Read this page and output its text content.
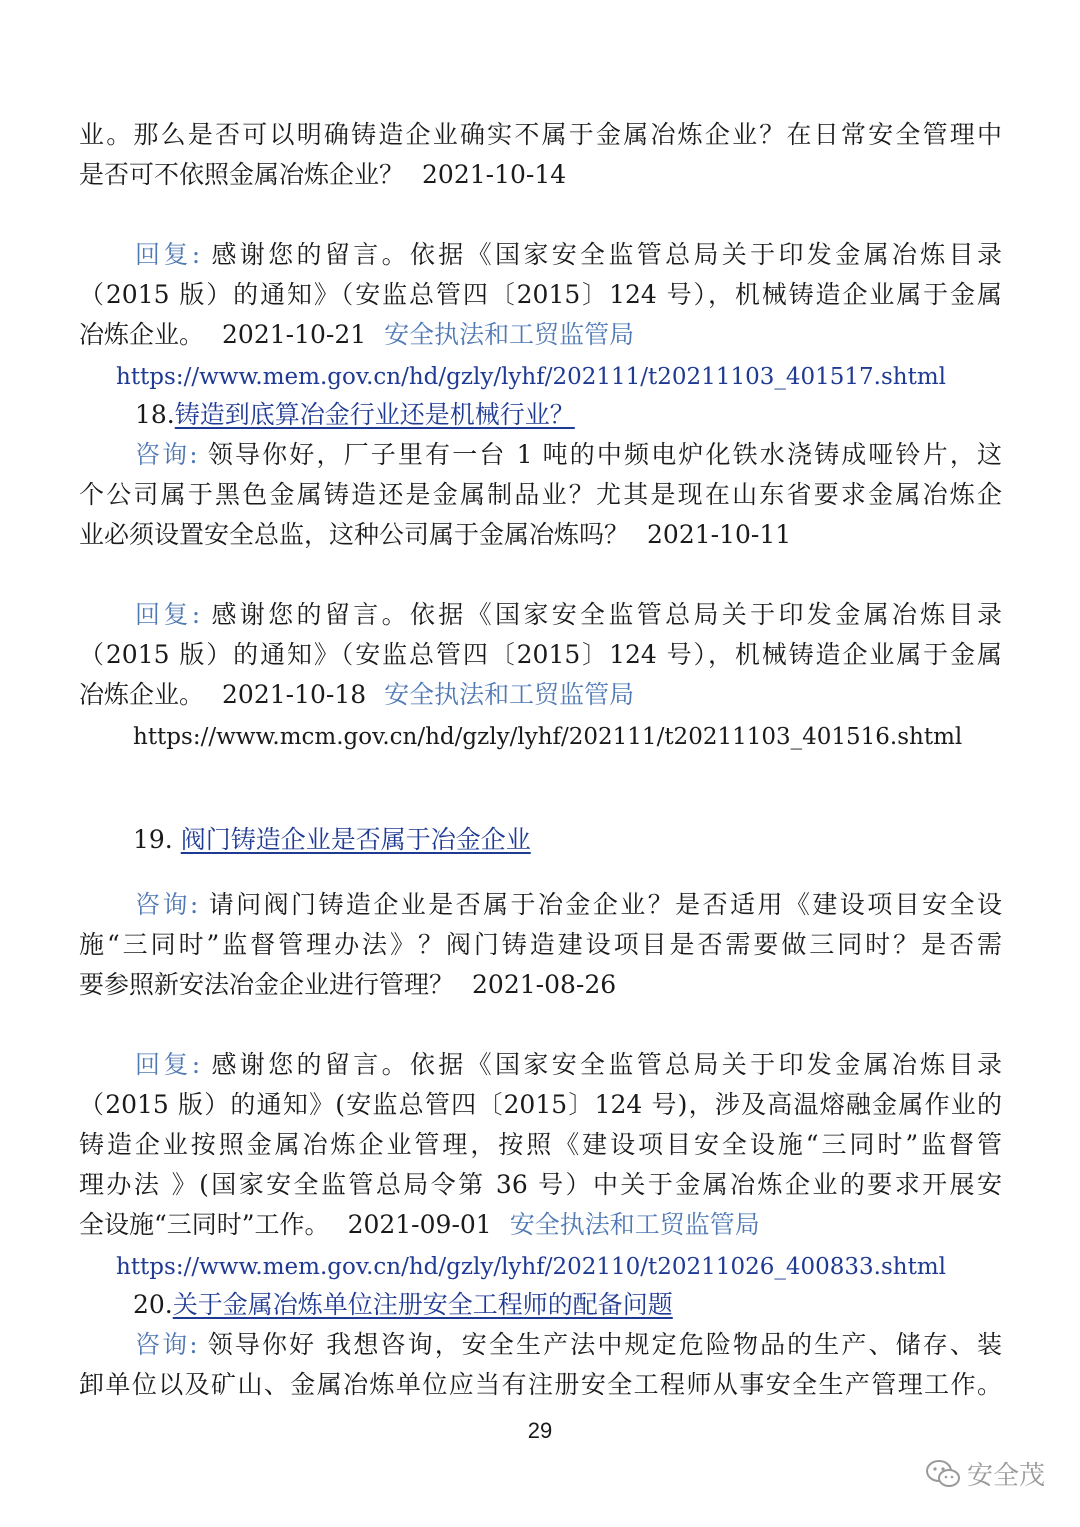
业。那么是否可以明确铸造企业确实不属于金属冶炼企业？在日常安全管理中
是否可不依照金属冶炼企业？ 2021-10-14
回复: 感谢您的留言。依据《国家安全监管总局关于印发金属冶炼目录
（2015 版）的通知》（安监总管四〔2015〕124 号），机械铸造企业属于金属
冶炼企业。 2021-10-21 安全执法和工贸监管局
https://www.mem.gov.cn/hd/gzly/lyhf/202111/t20211103_401517.shtml
18.铸造到底算冶金行业还是机械行业？
咨询: 领导你好，厂子里有一台 1 吨的中频电炉化铁水浇铸成哑铃片，这
个公司属于黑色金属铸造还是金属制品业？尤其是现在山东省要求金属冶炼企
业必须设置安全总监，这种公司属于金属冶炼吗？ 2021-10-11
回复: 感谢您的留言。依据《国家安全监管总局关于印发金属冶炼目录
（2015 版）的通知》（安监总管四〔2015〕124 号），机械铸造企业属于金属
冶炼企业。 2021-10-18 安全执法和工贸监管局
https://www.mcm.gov.cn/hd/gzly/lyhf/202111/t20211103_401516.shtml
19. 阀门铸造企业是否属于冶金企业
咨询: 请问阀门铸造企业是否属于冶金企业？是否适用《建设项目安全设
施“三同时”监督管理办法》？阀门铸造建设项目是否需要做三同时？是否需
要参照新安法冶金企业进行管理？ 2021-08-26
回复: 感谢您的留言。依据《国家安全监管总局关于印发金属冶炼目录
（2015 版）的通知》(安监总管四〔2015〕124 号)，涉及高温熔融金属作业的
铸造企业按照金属冶炼企业管理，按照《建设项目安全设施“三同时”监督管
理办法 》(国家安全监管总局令第 36 号）中关于金属冶炼企业的要求开展安
全设施“三同时”工作。 2021-09-01 安全执法和工贸监管局
https://www.mem.gov.cn/hd/gzly/lyhf/202110/t20211026_400833.shtml
20.关于金属冶炼单位注册安全工程师的配备问题
咨询: 领导你好 我想咨询，安全生产法中规定危险物品的生产、储存、装
卸单位以及矿山、金属冶炼单位应当有注册安全工程师从事安全生产管理工作。
29
安全茂
